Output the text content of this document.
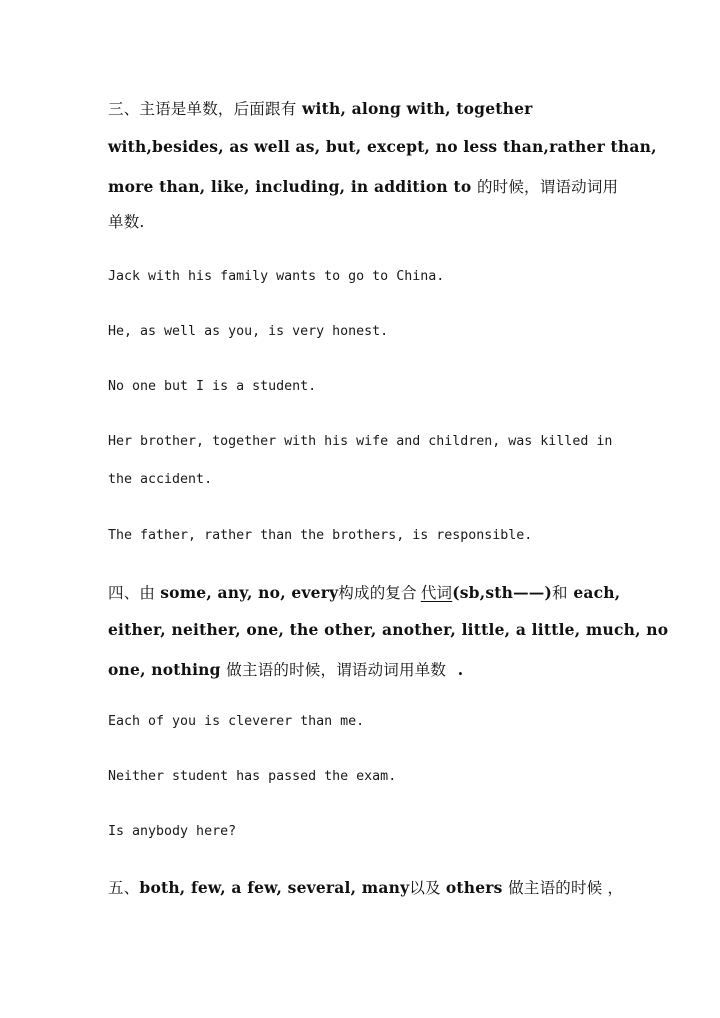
三、主语是单数，后面跟有 with, along with, together
with,besides, as well as, but, except, no less than,rather than,
more than, like, including, in addition to 的时候，谓语动词用
单数.
Jack with his family wants to go to China.
He, as well as you, is very honest.
No one but I is a student.
Her brother, together with his wife and children, was killed in
the accident.
The father, rather than the brothers, is responsible.
四、由 some, any, no, every构成的复合 代词(sb,sth——)和 each,
either, neither, one, the other, another, little, a little, much, no
one, nothing 做主语的时候，谓语动词用单数 .
Each of you is cleverer than me.
Neither student has passed the exam.
Is anybody here?
五、both, few, a few, several, many以及 others 做主语的时候 ，
